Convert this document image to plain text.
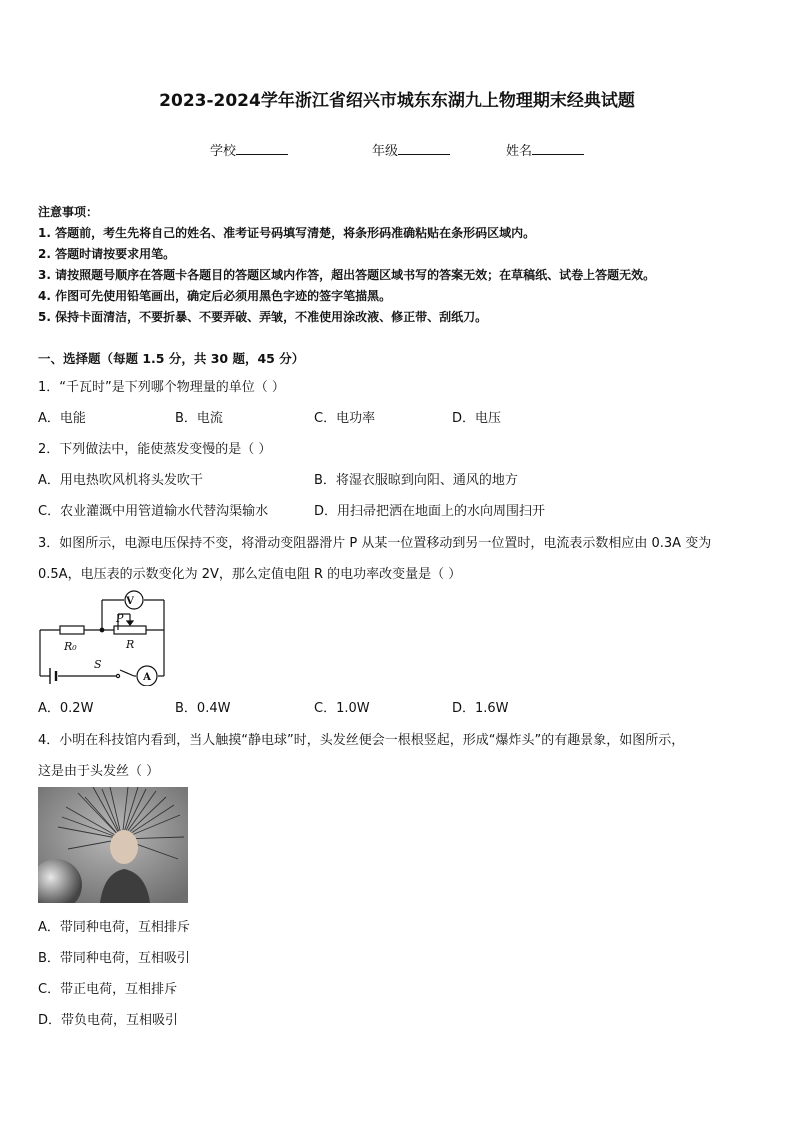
2023-2024学年浙江省绍兴市城东东湖九上物理期末经典试题
学校	年级	姓名
注意事项：
1. 答题前，考生先将自己的姓名、准考证号码填写清楚，将条形码准确粘贴在条形码区域内。
2. 答题时请按要求用笔。
3. 请按照题号顺序在答题卡各题目的答题区域内作答，超出答题区域书写的答案无效；在草稿纸、试卷上答题无效。
4. 作图可先使用铅笔画出，确定后必须用黑色字迹的签字笔描黑。
5. 保持卡面清洁，不要折暴、不要弄破、弄皱，不准使用涂改液、修正带、刮纸刀。
一、选择题（每题 1.5 分，共 30 题，45 分）
1．“千瓦时”是下列哪个物理量的单位（ ）
A．电能	B．电流	C．电功率	D．电压
2．下列做法中，能使蒸发变慢的是（ ）
A．用电热吹风机将头发吹干	B．将湿衣服晾到向阳、通风的地方
C．农业灌溉中用管道输水代替沟渠输水	D．用扫帚把洒在地面上的水向周围扫开
3．如图所示，电源电压保持不变，将滑动变阻器滑片 P 从某一位置移动到另一位置时，电流表示数相应由 0.3A 变为
0.5A，电压表的示数变化为 2V，那么定值电阻 R 的电功率改变量是（ ）
V
P
R
R₀
S
A
A．0.2W	B．0.4W	C．1.0W	D．1.6W
4．小明在科技馆内看到，当人触摸“静电球”时，头发丝便会一根根竖起，形成“爆炸头”的有趣景象，如图所示，
这是由于头发丝（ ）
A．带同种电荷，互相排斥
B．带同种电荷，互相吸引
C．带正电荷，互相排斥
D．带负电荷，互相吸引
